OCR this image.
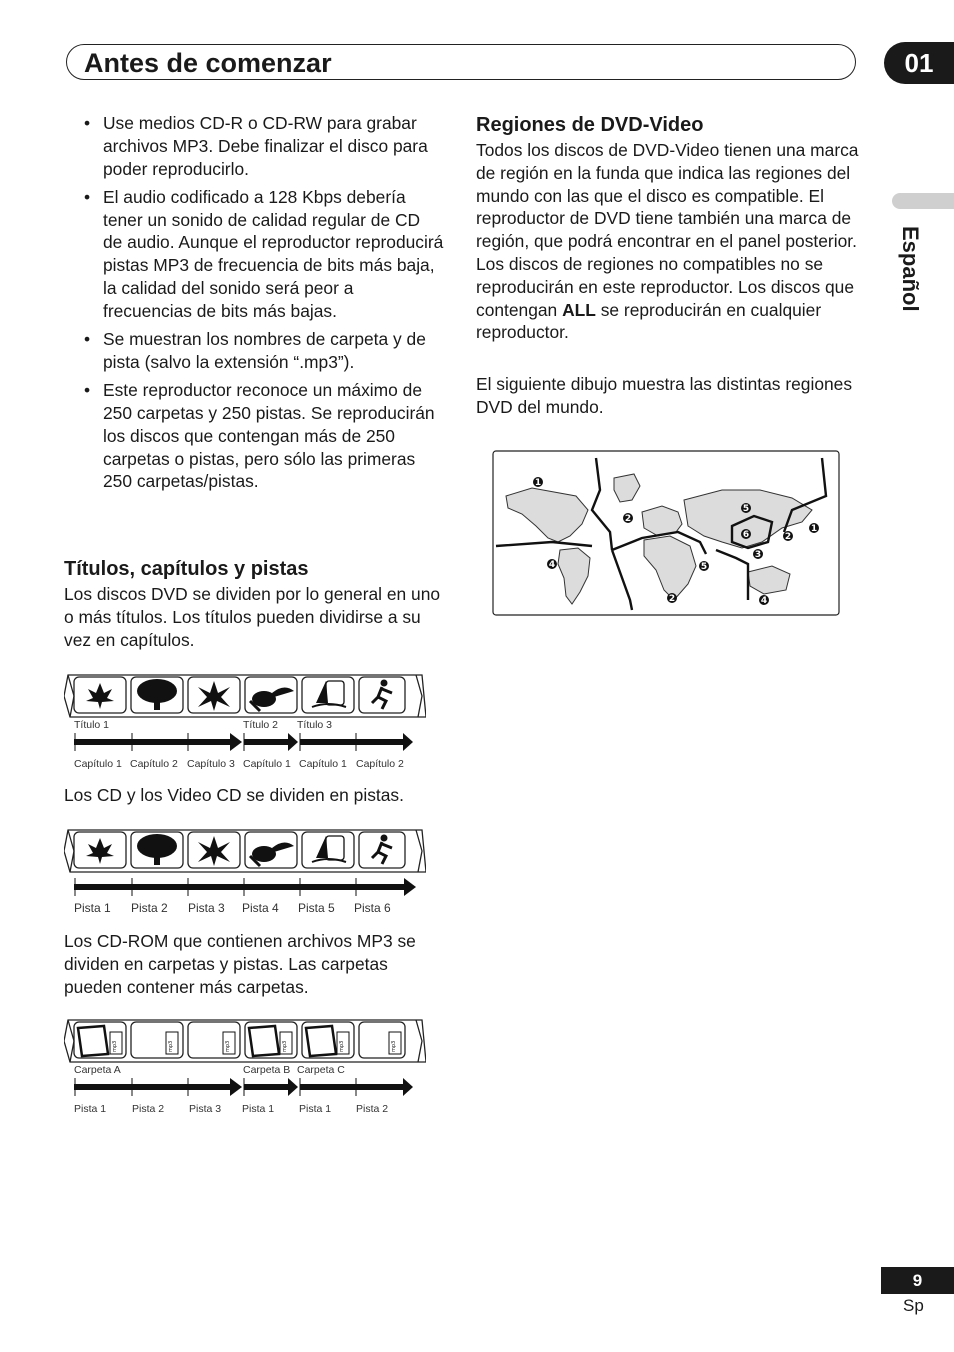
Antes de comenzar	01
Español
• Use medios CD-R o CD-RW para grabar archivos MP3. Debe finalizar el disco para poder reproducirlo.
• El audio codificado a 128 Kbps debería tener un sonido de calidad regular de CD de audio. Aunque el reproductor reproducirá pistas MP3 de frecuencia de bits más baja, la calidad del sonido será peor a frecuencias de bits más bajas.
• Se muestran los nombres de carpeta y de pista (salvo la extensión “.mp3”).
• Este reproductor reconoce un máximo de 250 carpetas y 250 pistas. Se reproducirán los discos que contengan más de 250 carpetas o pistas, pero sólo las primeras 250 carpetas/pistas.
Títulos, capítulos y pistas

Los discos DVD se dividen por lo general en uno o más títulos. Los títulos pueden dividirse a su vez en capítulos.

Título 1	Título 2 Título 3
Capítulo 1 Capítulo 2 Capítulo 3 Capítulo 1 Capítulo 1 Capítulo 2

Los CD y los Video CD se dividen en pistas.

Pista 1 Pista 2 Pista 3 Pista 4 Pista 5 Pista 6

Los CD-ROM que contienen archivos MP3 se dividen en carpetas y pistas. Las carpetas pueden contener más carpetas.

mp3	mp3	mp3	mp3	mp3	mp3
Carpeta A	Carpeta B Carpeta C
Pista 1 Pista 2 Pista 3 Pista 1 Pista 1 Pista 2
Regiones de DVD-Video

Todos los discos de DVD-Video tienen una marca de región en la funda que indica las regiones del mundo con las que el disco es compatible. El reproductor de DVD tiene también una marca de región, que podrá encontrar en el panel posterior. Los discos de regiones no compatibles no se reproducirán en este reproductor. Los discos que contengan ALL se reproducirán en cualquier reproductor.

El siguiente dibujo muestra las distintas regiones DVD del mundo.

1
2
6
5
2
1
3
4	5
4
2
9
Sp
